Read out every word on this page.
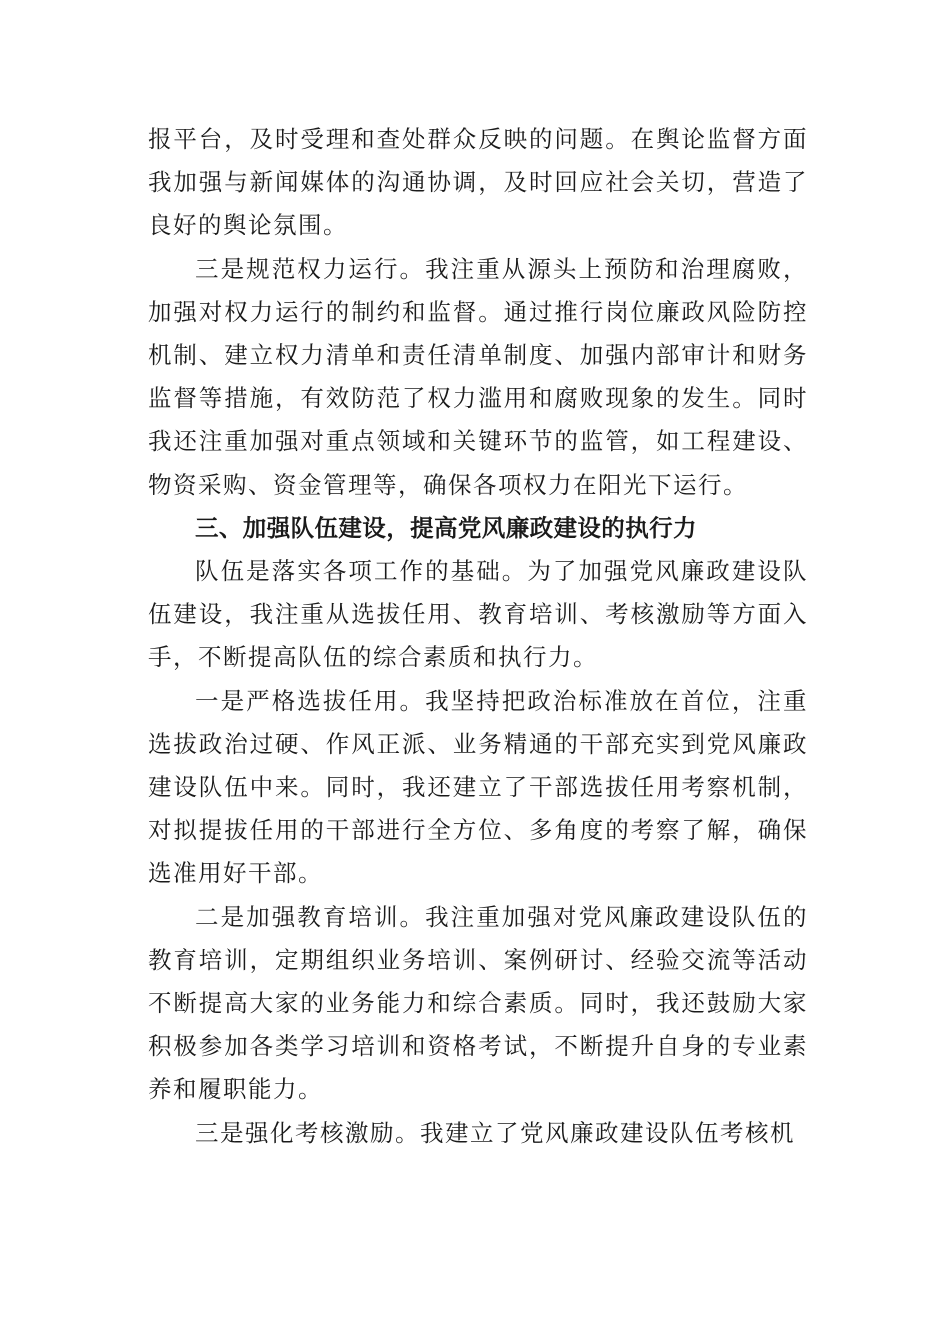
报平台，及时受理和查处群众反映的问题。在舆论监督方面我加强与新闻媒体的沟通协调，及时回应社会关切，营造了良好的舆论氛围。

三是规范权力运行。我注重从源头上预防和治理腐败，加强对权力运行的制约和监督。通过推行岗位廉政风险防控机制、建立权力清单和责任清单制度、加强内部审计和财务监督等措施，有效防范了权力滥用和腐败现象的发生。同时我还注重加强对重点领域和关键环节的监管，如工程建设、物资采购、资金管理等，确保各项权力在阳光下运行。

三、加强队伍建设，提高党风廉政建设的执行力

队伍是落实各项工作的基础。为了加强党风廉政建设队伍建设，我注重从选拔任用、教育培训、考核激励等方面入手，不断提高队伍的综合素质和执行力。

一是严格选拔任用。我坚持把政治标准放在首位，注重选拔政治过硬、作风正派、业务精通的干部充实到党风廉政建设队伍中来。同时，我还建立了干部选拔任用考察机制，对拟提拔任用的干部进行全方位、多角度的考察了解，确保选准用好干部。

二是加强教育培训。我注重加强对党风廉政建设队伍的教育培训，定期组织业务培训、案例研讨、经验交流等活动不断提高大家的业务能力和综合素质。同时，我还鼓励大家积极参加各类学习培训和资格考试，不断提升自身的专业素养和履职能力。

三是强化考核激励。我建立了党风廉政建设队伍考核机
